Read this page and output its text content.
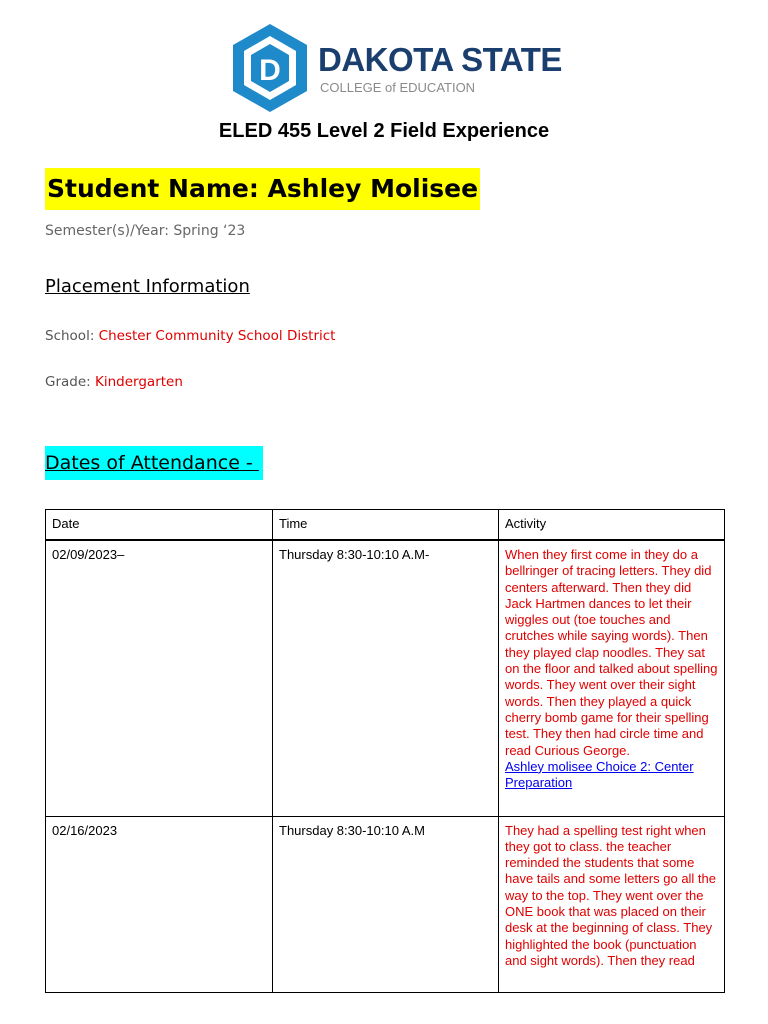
D DAKOTA STATE
COLLEGE of EDUCATION
ELED 455 Level 2 Field Experience
Student Name: Ashley Molisee
Semester(s)/Year: Spring ‘23
Placement Information
School: Chester Community School District
Grade: Kindergarten
Dates of Attendance -
Date	Time	Activity
02/09/2023–	Thursday 8:30-10:10 A.M-	When they first come in they do a bellringer of tracing letters. They did centers afterward. Then they did Jack Hartmen dances to let their wiggles out (toe touches and crutches while saying words). Then they played clap noodles. They sat on the floor and talked about spelling words. They went over their sight words. Then they played a quick cherry bomb game for their spelling test. They then had circle time and read Curious George.
Ashley molisee Choice 2: Center Preparation

02/16/2023	Thursday 8:30-10:10 A.M	They had a spelling test right when they got to class. the teacher reminded the students that some have tails and some letters go all the way to the top. They went over the ONE book that was placed on their desk at the beginning of class. They highlighted the book (punctuation and sight words). Then they read
